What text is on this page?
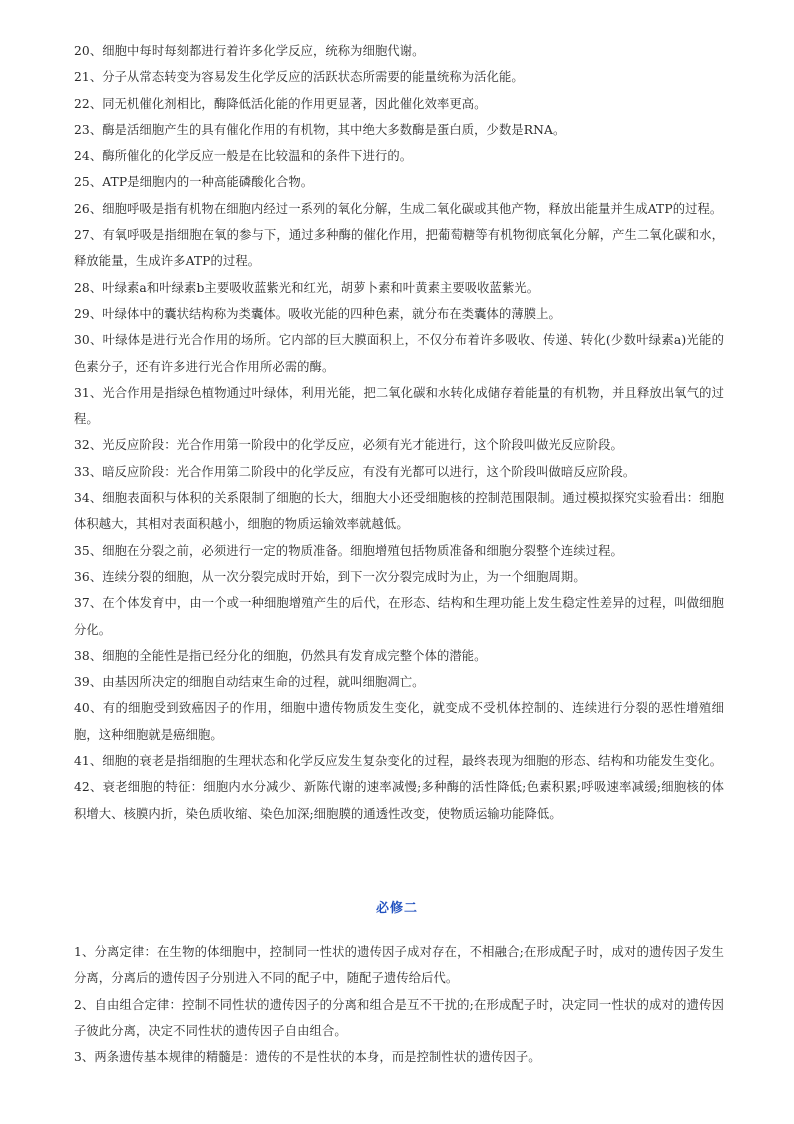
20、细胞中每时每刻都进行着许多化学反应，统称为细胞代谢。

21、分子从常态转变为容易发生化学反应的活跃状态所需要的能量统称为活化能。

22、同无机催化剂相比，酶降低活化能的作用更显著，因此催化效率更高。

23、酶是活细胞产生的具有催化作用的有机物，其中绝大多数酶是蛋白质，少数是RNA。

24、酶所催化的化学反应一般是在比较温和的条件下进行的。

25、ATP是细胞内的一种高能磷酸化合物。

26、细胞呼吸是指有机物在细胞内经过一系列的氧化分解，生成二氧化碳或其他产物，释放出能量并生成ATP的过程。

27、有氧呼吸是指细胞在氧的参与下，通过多种酶的催化作用，把葡萄糖等有机物彻底氧化分解，产生二氧化碳和水，释放能量，生成许多ATP的过程。

28、叶绿素a和叶绿素b主要吸收蓝紫光和红光，胡萝卜素和叶黄素主要吸收蓝紫光。

29、叶绿体中的囊状结构称为类囊体。吸收光能的四种色素，就分布在类囊体的薄膜上。

30、叶绿体是进行光合作用的场所。它内部的巨大膜面积上，不仅分布着许多吸收、传递、转化(少数叶绿素a)光能的色素分子，还有许多进行光合作用所必需的酶。

31、光合作用是指绿色植物通过叶绿体，利用光能，把二氧化碳和水转化成储存着能量的有机物，并且释放出氧气的过程。

32、光反应阶段：光合作用第一阶段中的化学反应，必须有光才能进行，这个阶段叫做光反应阶段。

33、暗反应阶段：光合作用第二阶段中的化学反应，有没有光都可以进行，这个阶段叫做暗反应阶段。

34、细胞表面积与体积的关系限制了细胞的长大，细胞大小还受细胞核的控制范围限制。通过模拟探究实验看出：细胞体积越大，其相对表面积越小，细胞的物质运输效率就越低。

35、细胞在分裂之前，必须进行一定的物质准备。细胞增殖包括物质准备和细胞分裂整个连续过程。

36、连续分裂的细胞，从一次分裂完成时开始，到下一次分裂完成时为止，为一个细胞周期。

37、在个体发育中，由一个或一种细胞增殖产生的后代，在形态、结构和生理功能上发生稳定性差异的过程，叫做细胞分化。

38、细胞的全能性是指已经分化的细胞，仍然具有发育成完整个体的潜能。

39、由基因所决定的细胞自动结束生命的过程，就叫细胞凋亡。

40、有的细胞受到致癌因子的作用，细胞中遗传物质发生变化，就变成不受机体控制的、连续进行分裂的恶性增殖细胞，这种细胞就是癌细胞。

41、细胞的衰老是指细胞的生理状态和化学反应发生复杂变化的过程，最终表现为细胞的形态、结构和功能发生变化。

42、衰老细胞的特征：细胞内水分减少、新陈代谢的速率减慢;多种酶的活性降低;色素积累;呼吸速率减缓;细胞核的体积增大、核膜内折，染色质收缩、染色加深;细胞膜的通透性改变，使物质运输功能降低。

必修二

1、分离定律：在生物的体细胞中，控制同一性状的遗传因子成对存在，不相融合;在形成配子时，成对的遗传因子发生分离，分离后的遗传因子分别进入不同的配子中，随配子遗传给后代。

2、自由组合定律：控制不同性状的遗传因子的分离和组合是互不干扰的;在形成配子时，决定同一性状的成对的遗传因子彼此分离，决定不同性状的遗传因子自由组合。

3、两条遗传基本规律的精髓是：遗传的不是性状的本身，而是控制性状的遗传因子。
